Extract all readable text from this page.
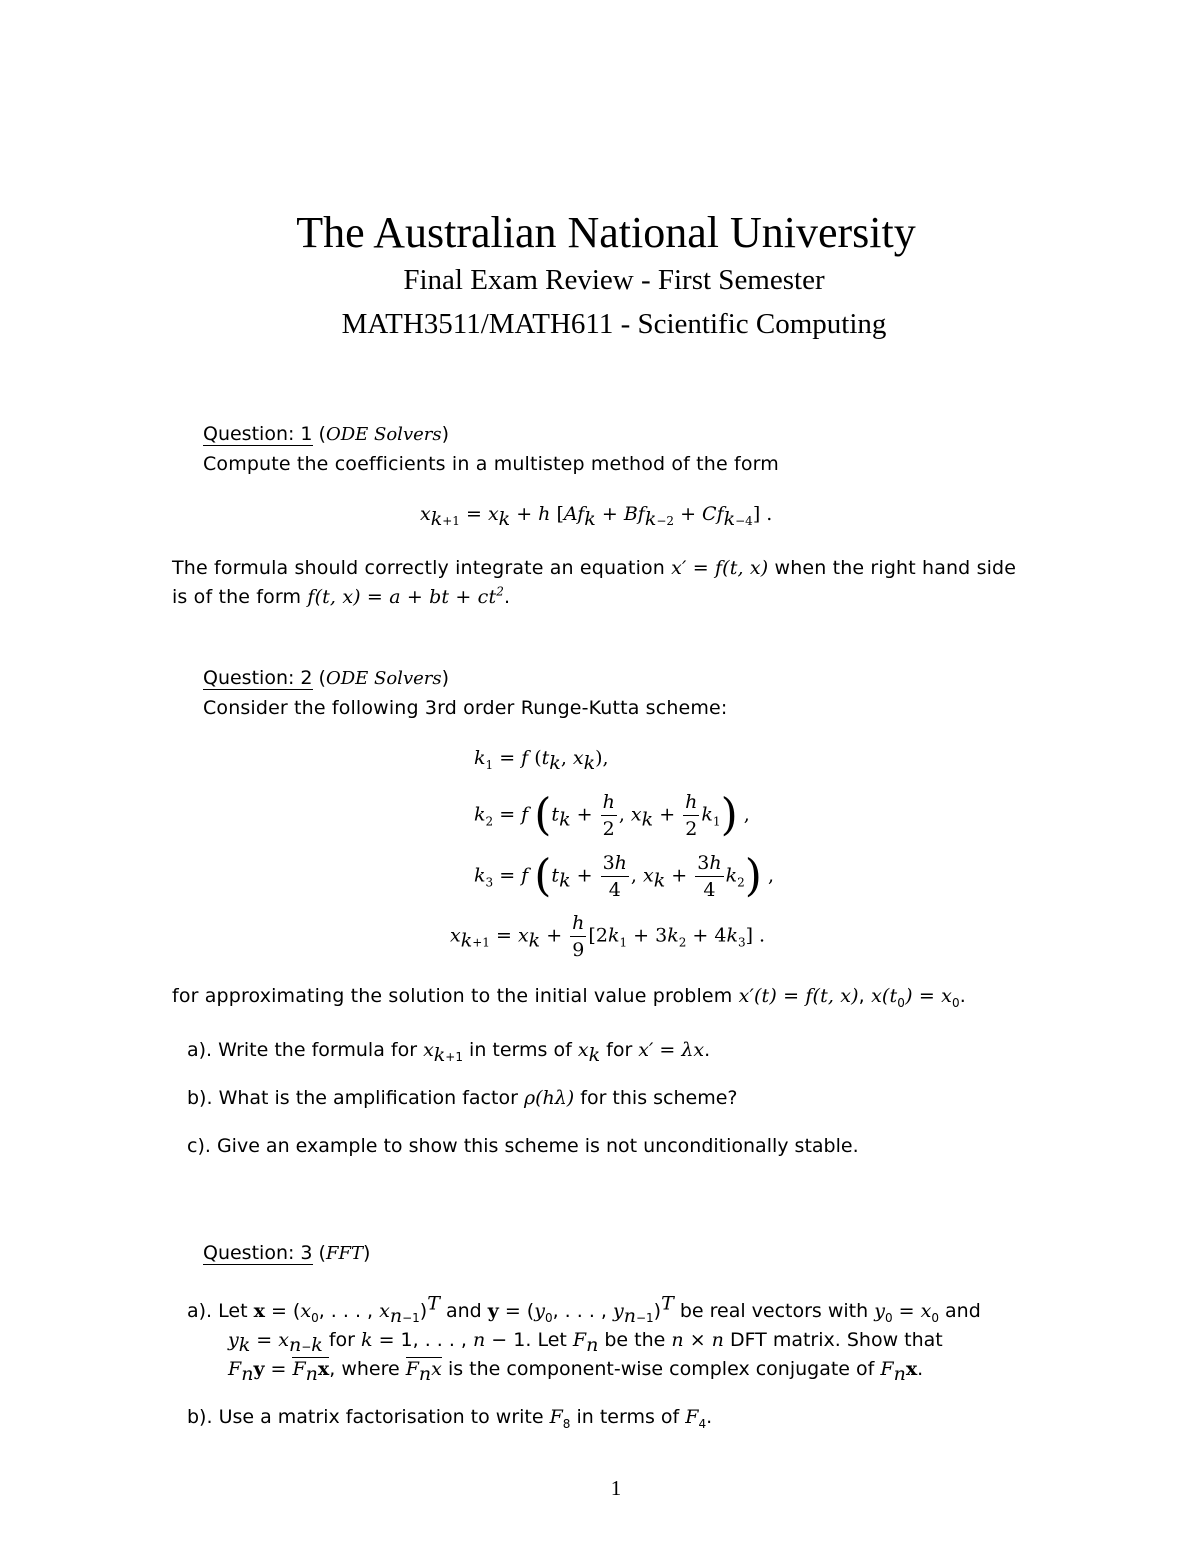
The Australian National University
Final Exam Review - First Semester
MATH3511/MATH611 - Scientific Computing
Question: 1 (ODE Solvers)
Compute the coefficients in a multistep method of the form
$x_{k+1} = x_k + h$ $[Af_k + Bf_{k-2} + Cf_{k-4}]$ .
The formula should correctly integrate an equation x′ = f(t, x) when the right hand side
is of the form f(t, x) = a + bt + $ct^2$.
Question: 2 (ODE Solvers)
Consider the following 3rd order Runge-Kutta scheme:
$k_1 = f$ ($t_k$, $x_k$),
$k_2 = f$ ($t_k + \frac{h}{2}$ , $x_k + \frac{h}{2} k_1$) ,
$k_3 = f$ ($t_k + \frac{3h}{4}$ , $x_k + \frac{3h}{4} k_2$) ,
$x_{k+1} = x_k + \frac{h}{9} [2k_1 + 3k_2 + 4k_3]$ .
for approximating the solution to the initial value problem x′(t) = f(t, x), $x(t_0) = x_0$.
a). Write the formula for $x_{k+1}$ in terms of $x_k$ for x′ = λx.
b). What is the amplification factor ρ(hλ) for this scheme?
c). Give an example to show this scheme is not unconditionally stable.
Question: 3 (FFT)
a). Let $x = (x_0$, . . . , $x_{n-1})^T$ and $y = (y_0$, . . . , $y_{n-1})^T$ be real vectors with $y_0 = x_0$ and
$y_k = x_{n-k}$ for k = 1, . . . , n − 1. Let $F_n$ be the n × n DFT matrix. Show that
$F_ny = F_nx$, where $F_nx$ is the component-wise complex conjugate of $F_nx$.
b). Use a matrix factorisation to write $F_8$ in terms of $F_4$.
1
